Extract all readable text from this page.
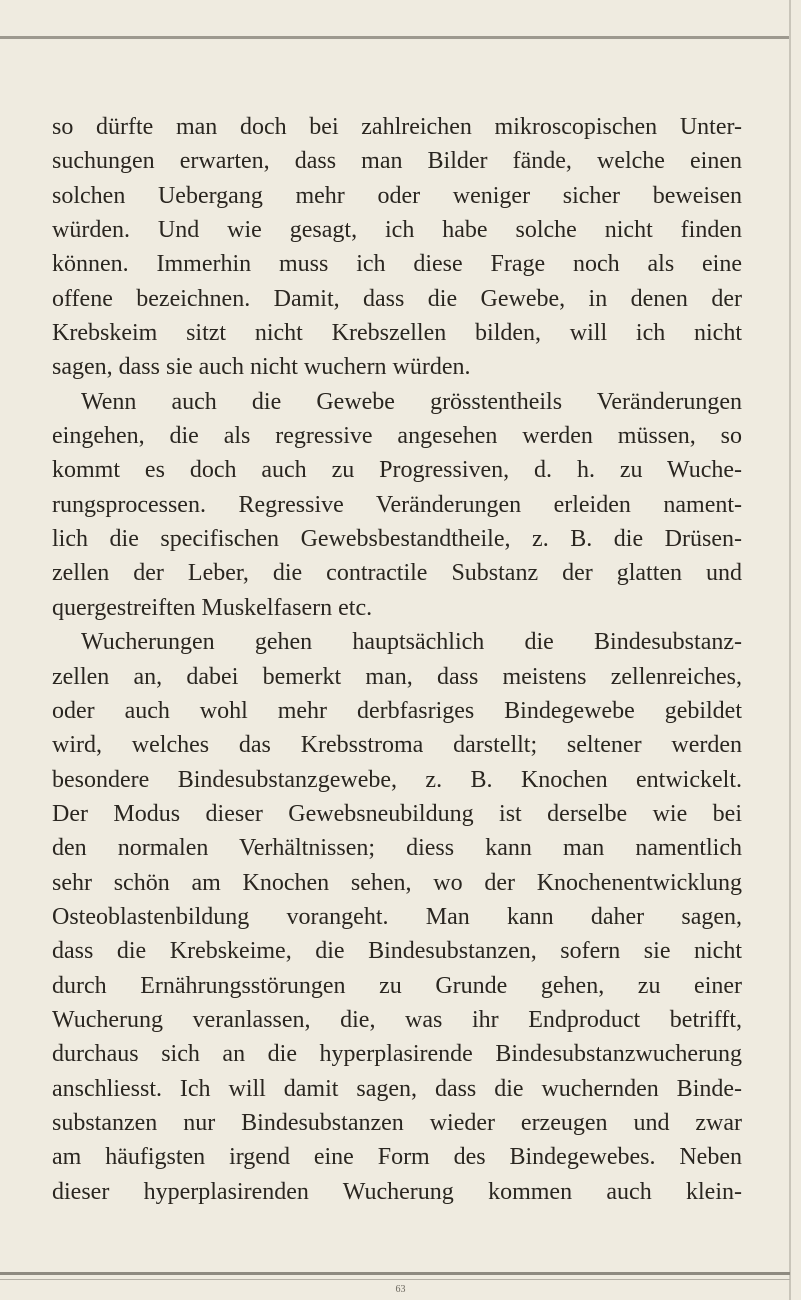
so dürfte man doch bei zahlreichen mikroscopischen Unter-
suchungen erwarten, dass man Bilder fände, welche einen
solchen Uebergang mehr oder weniger sicher beweisen
würden. Und wie gesagt, ich habe solche nicht finden
können. Immerhin muss ich diese Frage noch als eine
offene bezeichnen. Damit, dass die Gewebe, in denen der
Krebskeim sitzt nicht Krebszellen bilden, will ich nicht
sagen, dass sie auch nicht wuchern würden.
Wenn auch die Gewebe grösstentheils Veränderungen
eingehen, die als regressive angesehen werden müssen, so
kommt es doch auch zu Progressiven, d. h. zu Wuche-
rungsprocessen. Regressive Veränderungen erleiden nament-
lich die specifischen Gewebsbestandtheile, z. B. die Drüsen-
zellen der Leber, die contractile Substanz der glatten und
quergestreiften Muskelfasern etc.
Wucherungen gehen hauptsächlich die Bindesubstanz-
zellen an, dabei bemerkt man, dass meistens zellenreiches,
oder auch wohl mehr derbfasriges Bindegewebe gebildet
wird, welches das Krebsstroma darstellt; seltener werden
besondere Bindesubstanzgewebe, z. B. Knochen entwickelt.
Der Modus dieser Gewebsneubildung ist derselbe wie bei
den normalen Verhältnissen; diess kann man namentlich
sehr schön am Knochen sehen, wo der Knochenentwicklung
Osteoblastenbildung vorangeht. Man kann daher sagen,
dass die Krebskeime, die Bindesubstanzen, sofern sie nicht
durch Ernährungsstörungen zu Grunde gehen, zu einer
Wucherung veranlassen, die, was ihr Endproduct betrifft,
durchaus sich an die hyperplasirende Bindesubstanzwucherung
anschliesst. Ich will damit sagen, dass die wuchernden Binde-
substanzen nur Bindesubstanzen wieder erzeugen und zwar
am häufigsten irgend eine Form des Bindegewebes. Neben
dieser hyperplasirenden Wucherung kommen auch klein-
63
